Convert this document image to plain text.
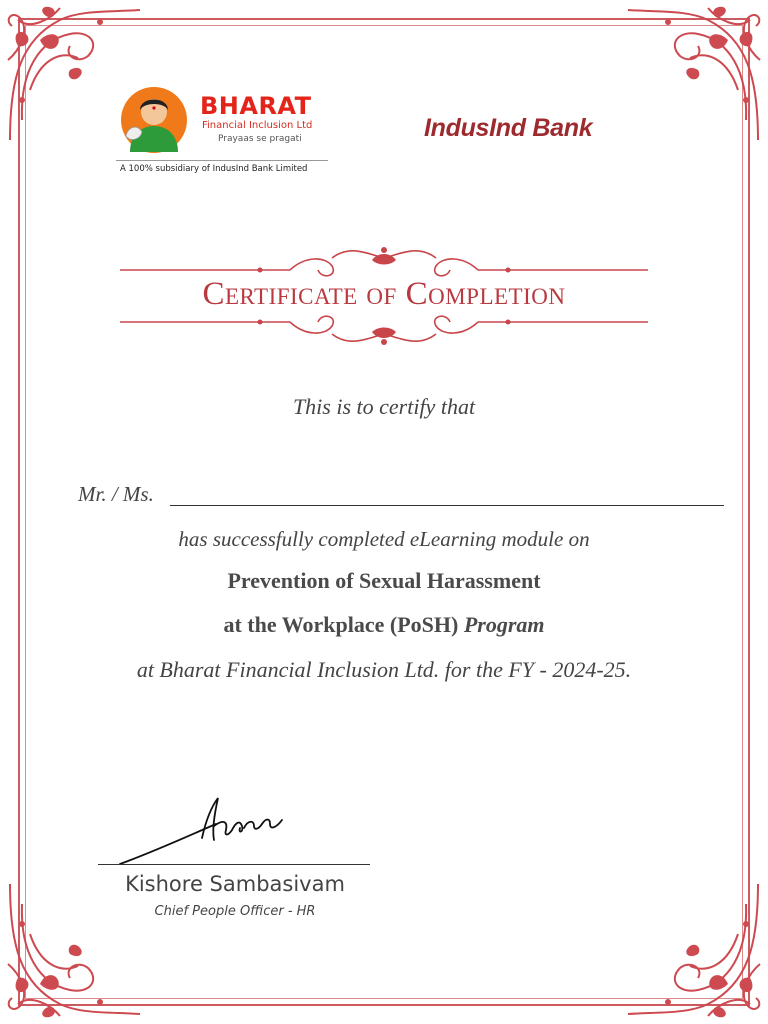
BHARAT
Financial Inclusion Ltd
Prayaas se pragati
A 100% subsidiary of IndusInd Bank Limited
IndusInd Bank
Certificate of Completion
This is to certify that
Mr. / Ms.
has successfully completed eLearning module on
Prevention of Sexual Harassment
at the Workplace (PoSH) Program
at Bharat Financial Inclusion Ltd. for the FY - 2024-25.
Kishore Sambasivam
Chief People Officer - HR
